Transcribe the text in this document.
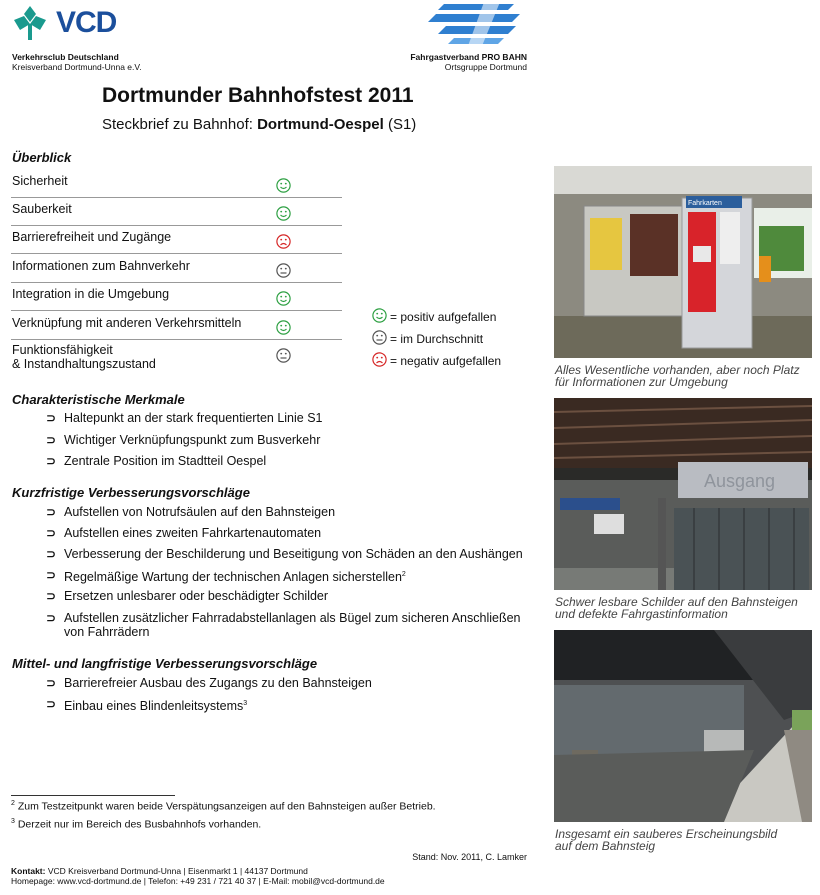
VCD
Verkehrsclub Deutschland
Kreisverband Dortmund-Unna e.V.
Fahrgastverband PRO BAHN
Ortsgruppe Dortmund
Dortmunder Bahnhofstest 2011
Steckbrief zu Bahnhof: Dortmund-Oespel (S1)
Überblick
Sicherheit
Sauberkeit
Barrierefreiheit und Zugänge
Informationen zum Bahnverkehr
Integration in die Umgebung
Verknüpfung mit anderen Verkehrsmitteln
Funktionsfähigkeit
& Instandhaltungszustand
= positiv aufgefallen
= im Durchschnitt
= negativ aufgefallen
Charakteristische Merkmale
⊃ Haltepunkt an der stark frequentierten Linie S1
⊃ Wichtiger Verknüpfungspunkt zum Busverkehr
⊃ Zentrale Position im Stadtteil Oespel
Kurzfristige Verbesserungsvorschläge
⊃ Aufstellen von Notrufsäulen auf den Bahnsteigen
⊃ Aufstellen eines zweiten Fahrkartenautomaten
⊃ Verbesserung der Beschilderung und Beseitigung von Schäden an den Aushängen
⊃ Regelmäßige Wartung der technischen Anlagen sicherstellen$^2$
⊃ Ersetzen unlesbarer oder beschädigter Schilder
⊃ Aufstellen zusätzlicher Fahrradabstellanlagen als Bügel zum sicheren Anschließen von Fahrrädern
Mittel- und langfristige Verbesserungsvorschläge
⊃ Barrierefreier Ausbau des Zugangs zu den Bahnsteigen
⊃ Einbau eines Blindenleitsystems$^3$
Fahrkarten
Alles Wesentliche vorhanden, aber noch Platz
für Informationen zur Umgebung
Ausgang
Schwer lesbare Schilder auf den Bahnsteigen
und defekte Fahrgastinformation
Insgesamt ein sauberes Erscheinungsbild
auf dem Bahnsteig
$^2$ Zum Testzeitpunkt waren beide Verspätungsanzeigen auf den Bahnsteigen außer Betrieb.
$^3$ Derzeit nur im Bereich des Busbahnhofs vorhanden.
Stand: Nov. 2011, C. Lamker
Kontakt: VCD Kreisverband Dortmund-Unna | Eisenmarkt 1 | 44137 Dortmund
Homepage: www.vcd-dortmund.de | Telefon: +49 231 / 721 40 37 | E-Mail: mobil@vcd-dortmund.de
